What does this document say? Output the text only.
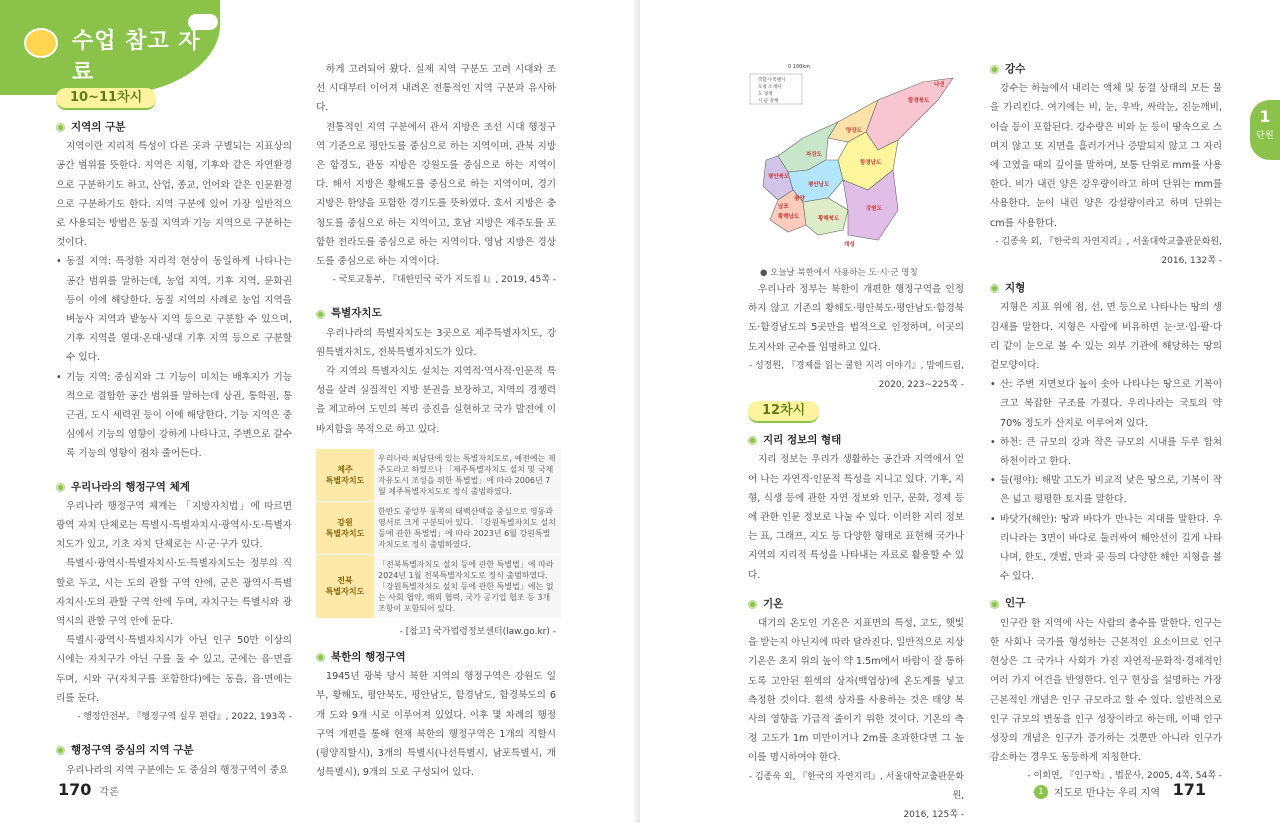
수업 참고 자료
10~11차시
지역의 구분

지역이란 지리적 특성이 다른 곳과 구별되는 지표상의 공간 범위를 뜻한다. 지역은 지형, 기후와 같은 자연환경으로 구분하기도 하고, 산업, 종교, 언어와 같은 인문환경으로 구분하기도 한다. 지역 구분에 있어 가장 일반적으로 사용되는 방법은 동질 지역과 기능 지역으로 구분하는 것이다.

• 동질 지역: 특정한 지리적 현상이 동일하게 나타나는 공간 범위를 말하는데, 농업 지역, 기후 지역, 문화권 등이 이에 해당한다. 동질 지역의 사례로 농업 지역을 벼농사 지역과 밭농사 지역 등으로 구분할 수 있으며, 기후 지역을 열대·온대·냉대 기후 지역 등으로 구분할 수 있다.

• 기능 지역: 중심지와 그 기능이 미치는 배후지가 기능적으로 결합한 공간 범위를 말하는데 상권, 통학권, 통근권, 도시 세력권 등이 이에 해당한다. 기능 지역은 중심에서 기능의 영향이 강하게 나타나고, 주변으로 갈수록 기능의 영향이 점차 줄어든다.

우리나라의 행정구역 체계

우리나라 행정구역 체계는 「지방자치법」에 따르면 광역 자치 단체로는 특별시·특별자치시·광역시·도·특별자치도가 있고, 기초 자치 단체로는 시·군·구가 있다.

특별시·광역시·특별자치시·도·특별자치도는 정부의 직할로 두고, 시는 도의 관할 구역 안에, 군은 광역시·특별자치시·도의 관할 구역 안에 두며, 자치구는 특별시와 광역시의 관할 구역 안에 둔다.

특별시·광역시·특별자치시가 아닌 인구 50만 이상의 시에는 자치구가 아닌 구를 둘 수 있고, 군에는 읍·면을 두며, 시와 구(자치구를 포함한다)에는 동을, 읍·면에는 리를 둔다.

- 행정안전부, 『행정구역 실무 편람』, 2022, 193쪽 -

행정구역 중심의 지역 구분

우리나라의 지역 구분에는 도 중심의 행정구역이 중요

하게 고려되어 왔다. 실제 지역 구분도 고려 시대와 조선 시대부터 이어져 내려온 전통적인 지역 구분과 유사하다.

전통적인 지역 구분에서 관서 지방은 조선 시대 행정구역 기준으로 평안도를 중심으로 하는 지역이며, 관북 지방은 함경도, 관동 지방은 강원도를 중심으로 하는 지역이다. 해서 지방은 황해도를 중심으로 하는 지역이며, 경기 지방은 한양을 포함한 경기도를 뜻하였다. 호서 지방은 충청도를 중심으로 하는 지역이고, 호남 지방은 제주도를 포함한 전라도를 중심으로 하는 지역이다. 영남 지방은 경상도를 중심으로 하는 지역이다.

- 국토교통부, 『대한민국 국가 지도집 Ⅰ』, 2019, 45쪽 -

특별자치도

우리나라의 특별자치도는 3곳으로 제주특별자치도, 강원특별자치도, 전북특별자치도가 있다.

각 지역의 특별자치도 설치는 지역적·역사적·인문적 특성을 살려 실질적인 지방 분권을 보장하고, 지역의 경쟁력을 제고하여 도민의 복리 증진을 실현하고 국가 발전에 이바지함을 목적으로 하고 있다.

제주
특별자치도	우리나라 최남단에 있는 특별자치도로, 예전에는 제주도라고 하였으나 「제주특별자치도 설치 및 국제자유도시 조성을 위한 특별법」에 따라 2006년 7월 제주특별자치도로 정식 출범하였다.
강원
특별자치도	한반도 중앙부 동쪽의 태백산맥을 중심으로 영동과 영서로 크게 구분되어 있다. 「강원특별자치도 설치 등에 관한 특별법」에 따라 2023년 6월 강원특별자치도로 정식 출범하였다.
전북
특별자치도	「전북특별자치도 설치 등에 관한 특별법」에 따라 2024년 1월 전북특별자치도로 정식 출범하였다. 「강원특별자치도 설치 등에 관한 특별법」에는 없는 사회 협약, 해외 협력, 국가 공기업 협조 등 3개 조항이 포함되어 있다.

- [참고] 국가법령정보센터(law.go.kr) -

북한의 행정구역

1945년 광복 당시 북한 지역의 행정구역은 강원도 일부, 황해도, 평안북도, 평안남도, 함경남도, 함경북도의 6개 도와 9개 시로 이루어져 있었다. 이후 몇 차례의 행정구역 개편을 통해 현재 북한의 행정구역은 1개의 직할시(평양직할시), 3개의 특별시(나선특별시, 남포특별시, 개성특별시), 9개의 도로 구성되어 있다.

170 각론
1
단원
171
1	지도로 만나는 우리 지역
0 100km
직할시·특별시
도청 소재지
도 경계
시·군 경계	함경북도
양강도
자강도
함경남도
평안북도
평안남도
평양
황해북도
황해남도
강원도
나선
남포
개성
● 오늘날 북한에서 사용하는 도·시·군 명칭

우리나라 정부는 북한이 개편한 행정구역을 인정하지 않고 기존의 황해도·평안북도·평안남도·함경북도·함경남도의 5곳만을 법적으로 인정하며, 이곳의 도지사와 군수를 임명하고 있다.

- 성정원, 『경제를 읽는 쿨한 지리 이야기』, 맘에드림,

2020, 223~225쪽 -

12차시
지리 정보의 형태

지리 정보는 우리가 생활하는 공간과 지역에서 얻어 나는 자연적·인문적 특성을 지니고 있다. 기후, 지형, 식생 등에 관한 자연 정보와 인구, 문화, 경제 등에 관한 인문 정보로 나눌 수 있다. 이러한 지리 정보는 표, 그래프, 지도 등 다양한 형태로 표현해 국가나 지역의 지리적 특성을 나타내는 자료로 활용할 수 있다.

기온

대기의 온도인 기온은 지표면의 특성, 고도, 햇빛을 받는지 아닌지에 따라 달라진다. 일반적으로 지상 기온은 초지 위의 높이 약 1.5m에서 바람이 잘 통하도록 고안된 흰색의 상자(백엽상)에 온도계를 넣고 측정한 것이다. 흰색 상자를 사용하는 것은 태양 복사의 영향을 가급적 줄이기 위한 것이다. 기온의 측정 고도가 1m 미만이거나 2m를 초과한다면 그 높이를 명시하여야 한다.

- 김종욱 외, 『한국의 자연지리』, 서울대학교출판문화원,

2016, 125쪽 -

강수

강수는 하늘에서 내리는 액체 및 동결 상태의 모든 물을 가리킨다. 여기에는 비, 눈, 우박, 싸락눈, 진눈깨비, 이슬 등이 포함된다. 강수량은 비와 눈 등이 땅속으로 스며지 않고 또 지면을 흘러가거나 증발되지 않고 그 자리에 고였을 때의 깊이를 말하며, 보통 단위로 mm를 사용한다. 비가 내린 양은 강우량이라고 하며 단위는 mm를 사용한다. 눈이 내린 양은 강설량이라고 하며 단위는 cm를 사용한다.

- 김종욱 외, 『한국의 자연지리』, 서울대학교출판문화원,

2016, 132쪽 -

지형

지형은 지표 위에 점, 선, 면 등으로 나타나는 땅의 생김새를 말한다. 지형은 사람에 비유하면 눈·코·입·팔·다리 같이 눈으로 볼 수 있는 외부 기관에 해당하는 땅의 겉모양이다.

• 산: 주변 지면보다 높이 솟아 나타나는 땅으로 기복이 크고 복잡한 구조를 가졌다. 우리나라는 국토의 약 70% 정도가 산지로 이루어져 있다.

• 하천: 큰 규모의 강과 작은 규모의 시내를 두루 합쳐 하천이라고 한다.

• 들(평야): 해발 고도가 비교적 낮은 땅으로, 기복이 작은 넓고 평평한 토지를 말한다.

• 바닷가(해안): 땅과 바다가 만나는 지대를 말한다. 우리나라는 3면이 바다로 둘러싸여 해안선이 길게 나타나며, 한도, 갯벌, 만과 곶 등의 다양한 해안 지형을 볼 수 있다.

인구

인구란 한 지역에 사는 사람의 총수를 말한다. 인구는 한 사회나 국가를 형성하는 근본적인 요소이므로 인구 현상은 그 국가나 사회가 가진 자연적·문화적·경제적인 여러 가지 여건을 반영한다. 인구 현상을 설명하는 가장 근본적인 개념은 인구 규모라고 할 수 있다. 일반적으로 인구 규모의 변동을 인구 성장이라고 하는데, 이때 인구 성장의 개념은 인구가 증가하는 것뿐만 아니라 인구가 감소하는 경우도 동등하게 지칭한다.

- 이희연, 『인구학』, 법문사, 2005, 4쪽, 54쪽 -
